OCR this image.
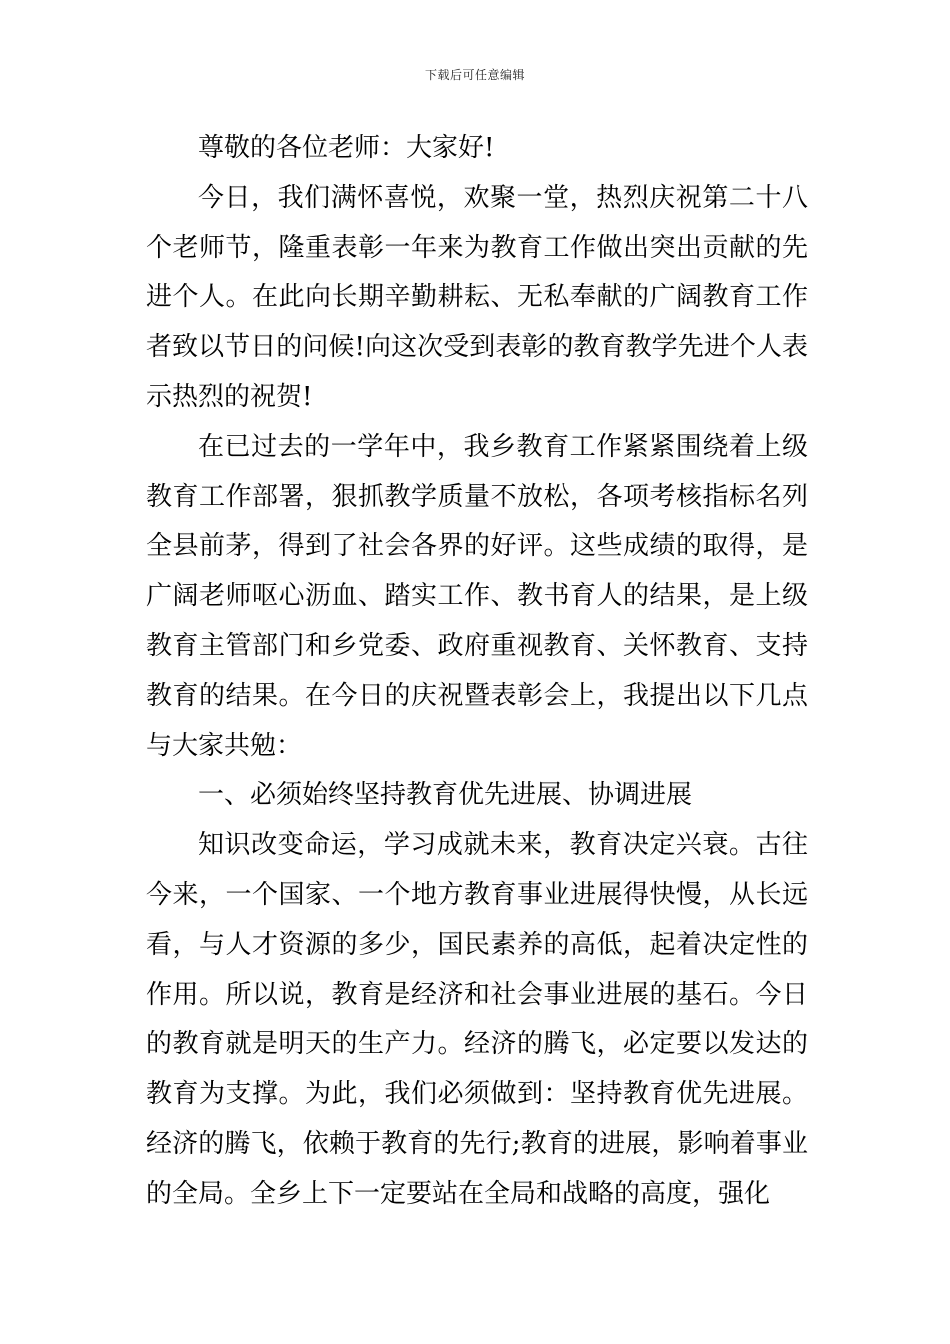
下载后可任意编辑

尊敬的各位老师：大家好!

今日，我们满怀喜悦，欢聚一堂，热烈庆祝第二十八个老师节，隆重表彰一年来为教育工作做出突出贡献的先进个人。在此向长期辛勤耕耘、无私奉献的广阔教育工作者致以节日的问候!向这次受到表彰的教育教学先进个人表示热烈的祝贺!

在已过去的一学年中，我乡教育工作紧紧围绕着上级教育工作部署，狠抓教学质量不放松，各项考核指标名列全县前茅，得到了社会各界的好评。这些成绩的取得，是广阔老师呕心沥血、踏实工作、教书育人的结果，是上级教育主管部门和乡党委、政府重视教育、关怀教育、支持教育的结果。在今日的庆祝暨表彰会上，我提出以下几点与大家共勉：

一、必须始终坚持教育优先进展、协调进展

知识改变命运，学习成就未来，教育决定兴衰。古往今来，一个国家、一个地方教育事业进展得快慢，从长远看，与人才资源的多少，国民素养的高低，起着决定性的作用。所以说，教育是经济和社会事业进展的基石。今日的教育就是明天的生产力。经济的腾飞，必定要以发达的教育为支撑。为此，我们必须做到：坚持教育优先进展。经济的腾飞，依赖于教育的先行;教育的进展，影响着事业的全局。全乡上下一定要站在全局和战略的高度，强化
